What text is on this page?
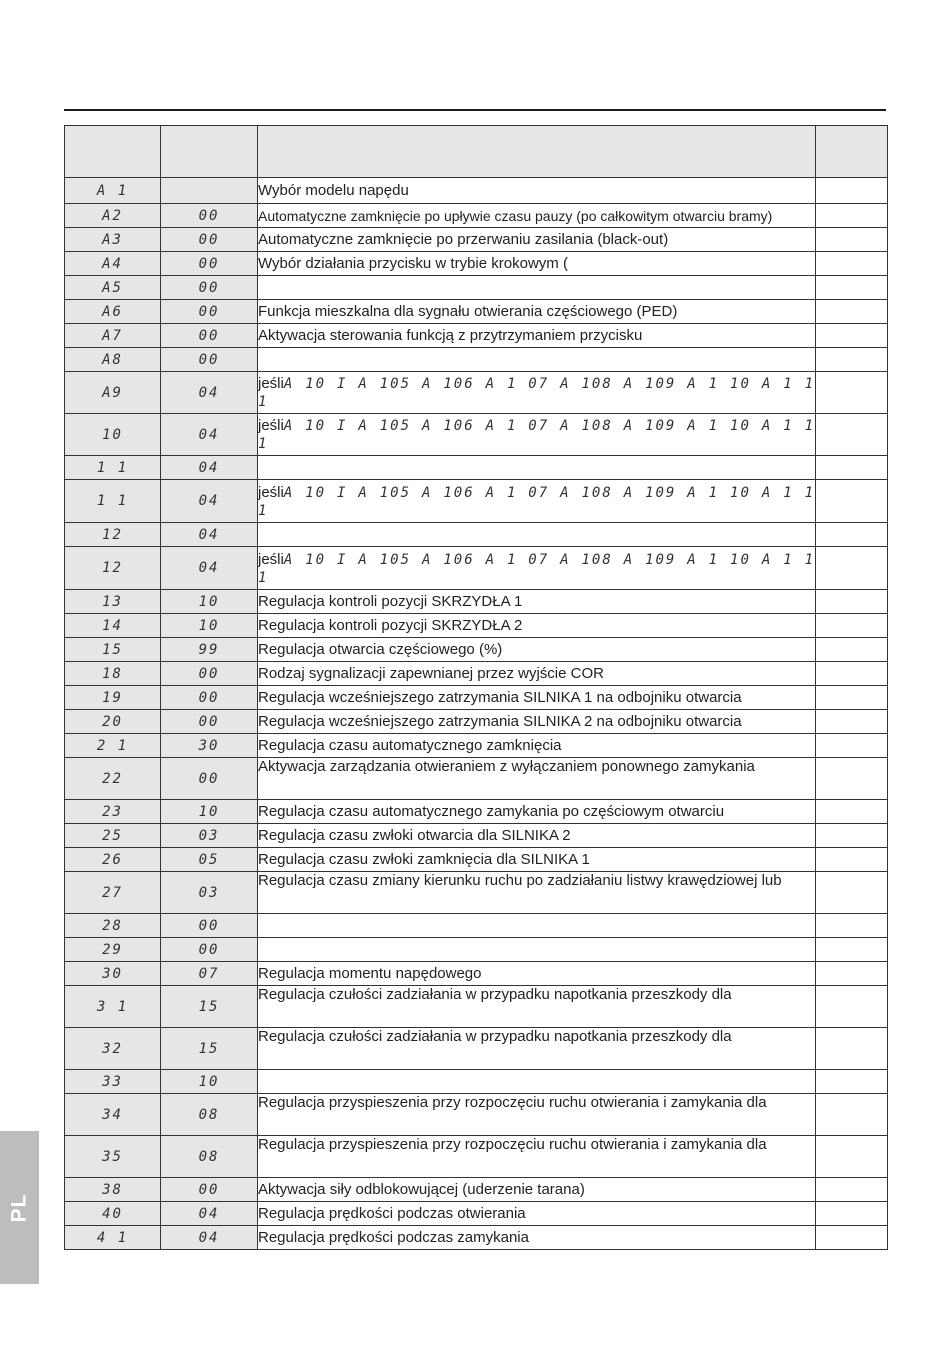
A 1		Wybór modelu napędu	
A2	00	Automatyczne zamknięcie po upływie czasu pauzy (po całkowitym otwarciu bramy)	
A3	00	Automatyczne zamknięcie po przerwaniu zasilania (black-out)	
A4	00	Wybór działania przycisku w trybie krokowym (	
A5	00		
A6	00	Funkcja mieszkalna dla sygnału otwierania częściowego (PED)	
A7	00	Aktywacja sterowania funkcją z przytrzymaniem przycisku	
A8	00		
A9	04	jeśliA 10 I A 105 A 106 A 1 07 A 108 A 109 A 1 10 A 1 1 1	
10	04	jeśliA 10 I A 105 A 106 A 1 07 A 108 A 109 A 1 10 A 1 1 1	
1 1	04		
1 1	04	jeśliA 10 I A 105 A 106 A 1 07 A 108 A 109 A 1 10 A 1 1 1	
12	04		
12	04	jeśliA 10 I A 105 A 106 A 1 07 A 108 A 109 A 1 10 A 1 1 1	
13	10	Regulacja kontroli pozycji SKRZYDŁA 1	
14	10	Regulacja kontroli pozycji SKRZYDŁA 2	
15	99	Regulacja otwarcia częściowego (%)	
18	00	Rodzaj sygnalizacji zapewnianej przez wyjście COR	
19	00	Regulacja wcześniejszego zatrzymania SILNIKA 1 na odbojniku otwarcia	
20	00	Regulacja wcześniejszego zatrzymania SILNIKA 2 na odbojniku otwarcia	
2 1	30	Regulacja czasu automatycznego zamknięcia	
22	00	Aktywacja zarządzania otwieraniem z wyłączaniem ponownego zamykania	
23	10	Regulacja czasu automatycznego zamykania po częściowym otwarciu	
25	03	Regulacja czasu zwłoki otwarcia dla SILNIKA 2	
26	05	Regulacja czasu zwłoki zamknięcia dla SILNIKA 1	
27	03	Regulacja czasu zmiany kierunku ruchu po zadziałaniu listwy krawędziowej lub	
28	00		
29	00		
30	07	Regulacja momentu napędowego	
3 1	15	Regulacja czułości zadziałania w przypadku napotkania przeszkody dla	
32	15	Regulacja czułości zadziałania w przypadku napotkania przeszkody dla	
33	10		
34	08	Regulacja przyspieszenia przy rozpoczęciu ruchu otwierania i zamykania dla	
35	08	Regulacja przyspieszenia przy rozpoczęciu ruchu otwierania i zamykania dla	
38	00	Aktywacja siły odblokowującej (uderzenie tarana)	
40	04	Regulacja prędkości podczas otwierania	
4 1	04	Regulacja prędkości podczas zamykania	
PL
